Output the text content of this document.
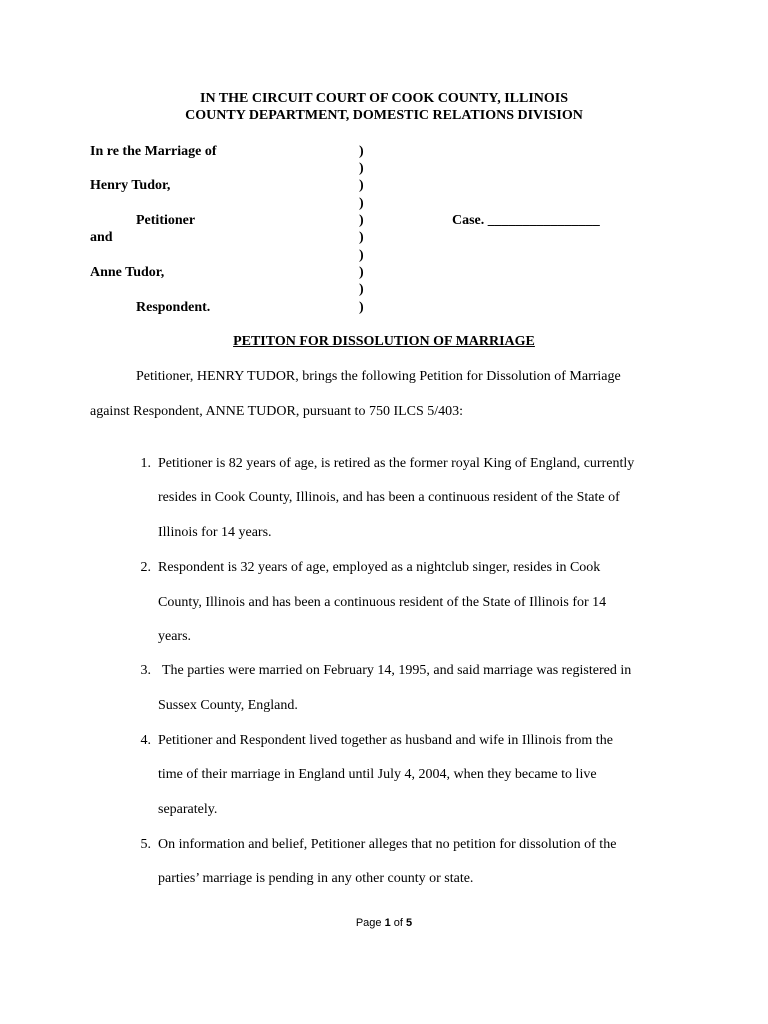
IN THE CIRCUIT COURT OF COOK COUNTY, ILLINOIS
COUNTY DEPARTMENT, DOMESTIC RELATIONS DIVISION
In re the Marriage of
Henry Tudor,
Petitioner
and
Anne Tudor,
Respondent.
)
)
)
)
)
)
)
)
)
)
Case. ________________
PETITON FOR DISSOLUTION OF MARRIAGE
Petitioner, HENRY TUDOR, brings the following Petition for Dissolution of Marriage
against Respondent, ANNE TUDOR, pursuant to 750 ILCS 5/403:
1. Petitioner is 82 years of age, is retired as the former royal King of England, currently
resides in Cook County, Illinois, and has been a continuous resident of the State of
Illinois for 14 years.
2. Respondent is 32 years of age, employed as a nightclub singer, resides in Cook
County, Illinois and has been a continuous resident of the State of Illinois for 14
years.
3. The parties were married on February 14, 1995, and said marriage was registered in
Sussex County, England.
4. Petitioner and Respondent lived together as husband and wife in Illinois from the
time of their marriage in England until July 4, 2004, when they became to live
separately.
5. On information and belief, Petitioner alleges that no petition for dissolution of the
parties’ marriage is pending in any other county or state.
Page 1 of 5
